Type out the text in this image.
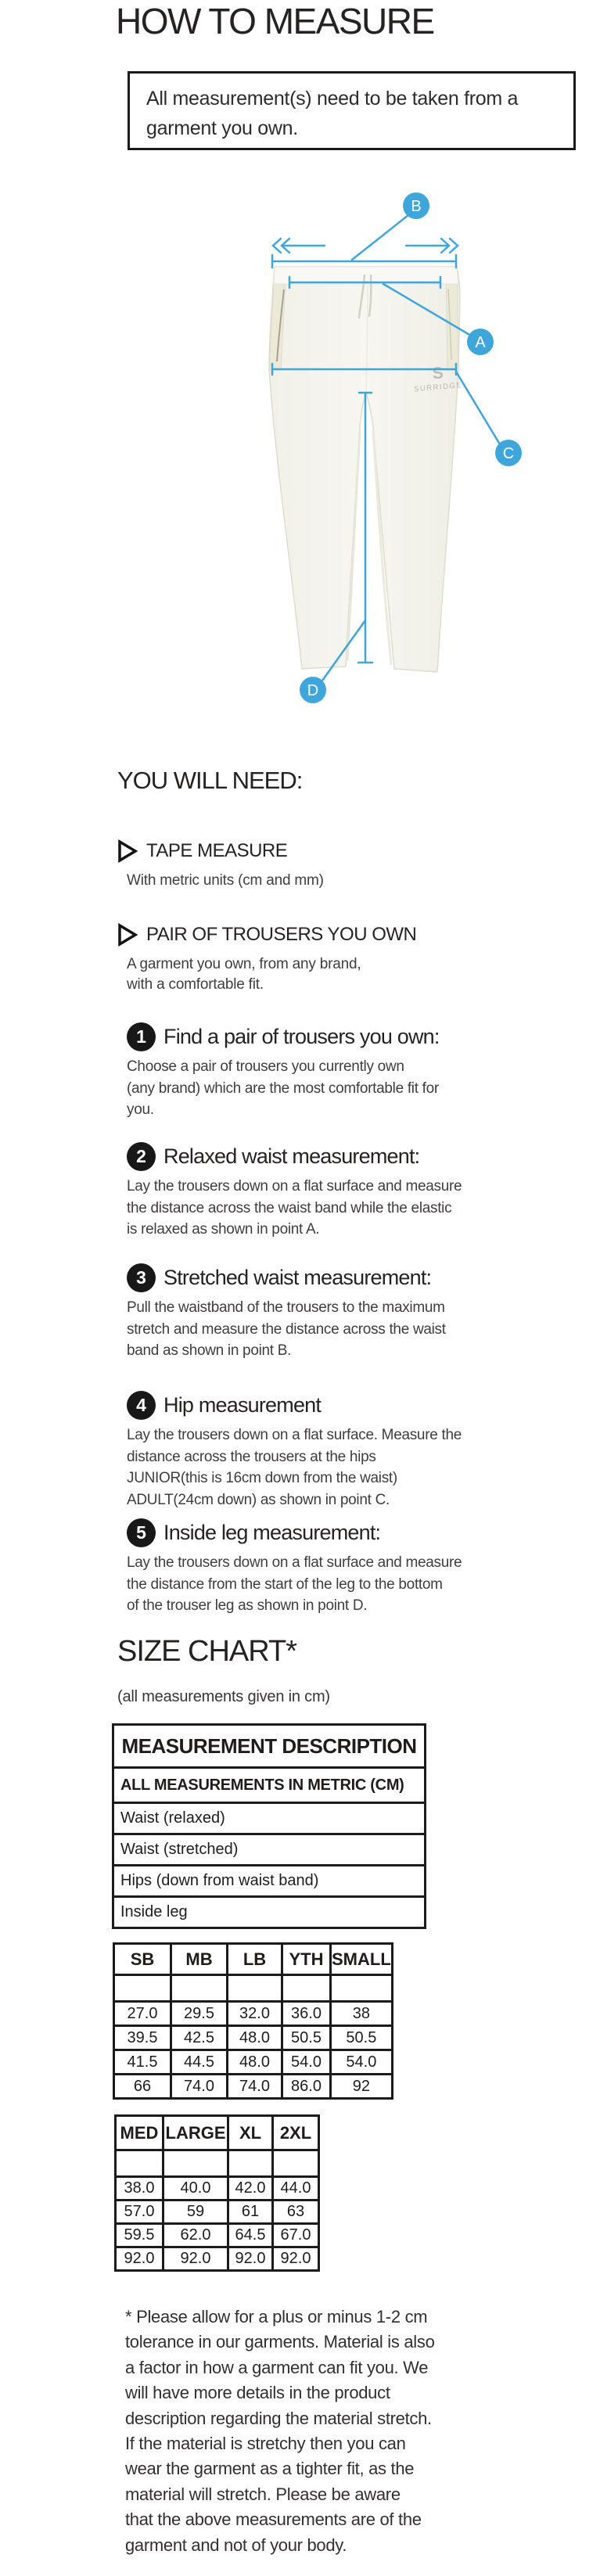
HOW TO MEASURE
All measurement(s) need to be taken from a
garment you own.
S
SURRIDGE
B
A
C
D
YOU WILL NEED:
TAPE MEASURE
With metric units (cm and mm)
PAIR OF TROUSERS YOU OWN
A garment you own, from any brand,
with a comfortable fit.
1 Find a pair of trousers you own:
Choose a pair of trousers you currently own
(any brand) which are the most comfortable fit for
you.
2 Relaxed waist measurement:
Lay the trousers down on a flat surface and measure
the distance across the waist band while the elastic
is relaxed as shown in point A.
3 Stretched waist measurement:
Pull the waistband of the trousers to the maximum
stretch and measure the distance across the waist
band as shown in point B.
4 Hip measurement
Lay the trousers down on a flat surface. Measure the
distance across the trousers at the hips
JUNIOR(this is 16cm down from the waist)
ADULT(24cm down) as shown in point C.
5 Inside leg measurement:
Lay the trousers down on a flat surface and measure
the distance from the start of the leg to the bottom
of the trouser leg as shown in point D.
SIZE CHART*
(all measurements given in cm)
MEASUREMENT DESCRIPTION
ALL MEASUREMENTS IN METRIC (CM)
Waist (relaxed)
Waist (stretched)
Hips (down from waist band)
Inside leg
SB	MB	LB	YTH	SMALL

27.0	29.5	32.0	36.0	38
39.5	42.5	48.0	50.5	50.5
41.5	44.5	48.0	54.0	54.0
66	74.0	74.0	86.0	92
MED	LARGE	XL	2XL

38.0	40.0	42.0	44.0
57.0	59	61	63
59.5	62.0	64.5	67.0
92.0	92.0	92.0	92.0
* Please allow for a plus or minus 1-2 cm
tolerance in our garments. Material is also
a factor in how a garment can fit you. We
will have more details in the product
description regarding the material stretch.
If the material is stretchy then you can
wear the garment as a tighter fit, as the
material will stretch. Please be aware
that the above measurements are of the
garment and not of your body.
